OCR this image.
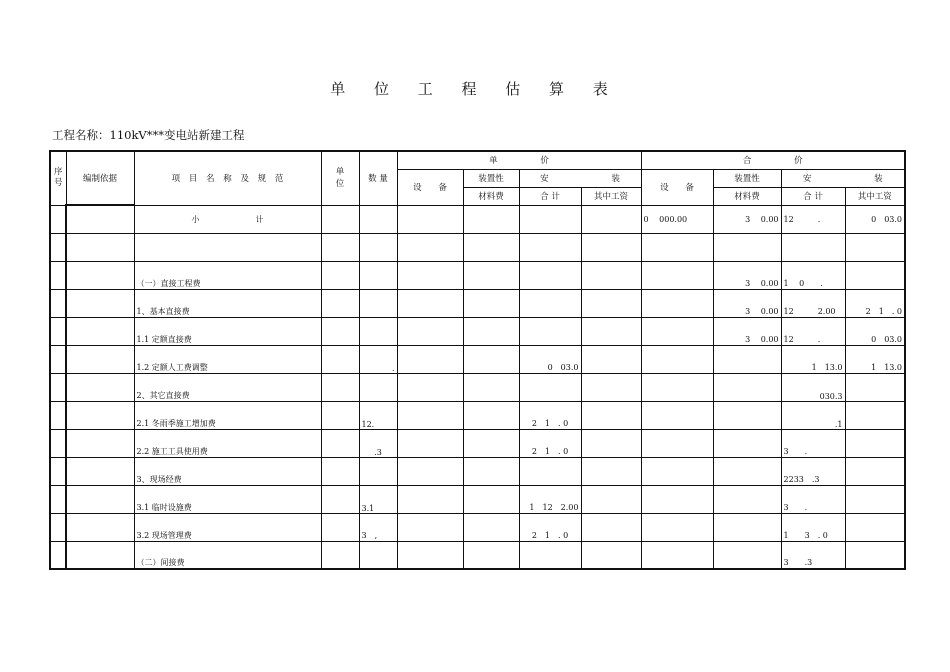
单 位 工 程 估 算 表
工程名称：110kV***变电站新建工程
序号	编制依据	项 目 名 称 及 规 范	单位	数 量	单 价				合 价			
					设 备	装置性	安 装		设 备	装置性	安 装	
						材料费	合 计	其中工资		材料费	合 计	其中工资
		小　　　　　　　计							0　 000.00	3　 0.00	12　　　.	0　03.0

		（一）直接工程费								3　 0.00	1　 0　　.	
		1、基本直接费								3　 0.00	12　　　2.00	2　1　. 0
		1.1 定额直接费								3　 0.00	12　　　.	0　03.0
		1.2 定额人工费调整		.			0　03.0				1　13.0	1　13.0
		2、其它直接费									030.3	
		2.1 冬雨季施工增加费		12.			2　1　. 0				.1	
		2.2 施工工具使用费		.3			2　1　. 0				3　　.	
		3、现场经费									2233　.3	
		3.1 临时设施费		3.1			1　12　2.00				3　　.	
		3.2 现场管理费		3　,			2　1　. 0				1　　3　. 0	
		（二）间接费									3　　.3	
